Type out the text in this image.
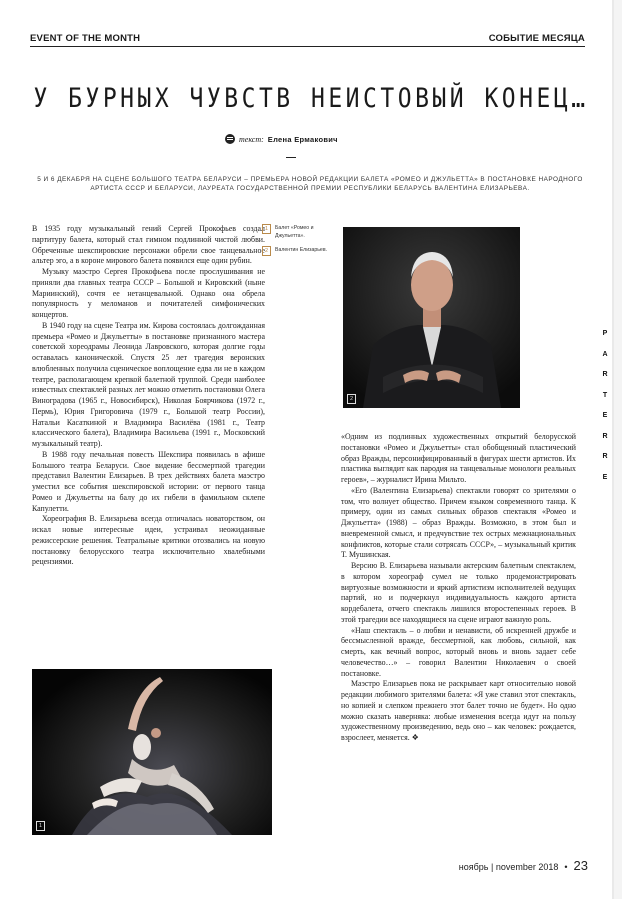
EVENT OF THE MONTH	СОБЫТИЕ МЕСЯЦА
У БУРНЫХ ЧУВСТВ НЕИСТОВЫЙ КОНЕЦ…
текст: Елена Ермакович
5 И 6 ДЕКАБРЯ НА СЦЕНЕ БОЛЬШОГО ТЕАТРА БЕЛАРУСИ – ПРЕМЬЕРА НОВОЙ РЕДАКЦИИ БАЛЕТА «РОМЕО И ДЖУЛЬЕТТА» В ПОСТАНОВКЕ НАРОДНОГО АРТИСТА СССР И БЕЛАРУСИ, ЛАУРЕАТА ГОСУДАРСТВЕННОЙ ПРЕМИИ РЕСПУБЛИКИ БЕЛАРУСЬ ВАЛЕНТИНА ЕЛИЗАРЬЕВА.

В 1935 году музыкальный гений Сергей Прокофьев создал партитуру балета, который стал гимном подлинной чистой любви. Обреченные шекспировские персонажи обрели свое танцевальное альтер эго, а в короне мирового балета появился еще один рубин.

Музыку маэстро Сергея Прокофьева после прослушивания не приняли два главных театра СССР – Большой и Кировский (ныне Мариинский), сочтя ее нетанцевальной. Однако она обрела популярность у меломанов и почитателей симфонических концертов.

В 1940 году на сцене Театра им. Кирова состоялась долгожданная премьера «Ромео и Джульетты» в постановке признанного мастера советской хореодрамы Леонида Лавровского, которая долгие годы оставалась канонической. Спустя 25 лет трагедия веронских влюбленных получила сценическое воплощение едва ли не в каждом театре, располагающем крепкой балетной труппой. Среди наиболее известных спектаклей разных лет можно отметить постановки Олега Виноградова (1965 г., Новосибирск), Николая Боярчикова (1972 г., Пермь), Юрия Григоровича (1979 г., Большой театр России), Натальи Касаткиной и Владимира Василёва (1981 г., Театр классического балета), Владимира Васильева (1991 г., Московский музыкальный театр).

В 1988 году печальная повесть Шекспира появилась в афише Большого театра Беларуси. Свое видение бессмертной трагедии представил Валентин Елизарьев. В трех действиях балета маэстро уместил все события шекспировской истории: от первого танца Ромео и Джульетты на балу до их гибели в фамильном склепе Капулетти.

Хореография В. Елизарьева всегда отличалась новаторством, он искал новые интересные идеи, устраивал неожиданные режиссерские решения. Театральные критики отозвались на новую постановку белорусского театра исключительно хвалебными рецензиями.

1	Балет «Ромео и Джульетта».
2	Валентин Елизарьев.
2

«Одним из подлинных художественных открытий белорусской постановки «Ромео и Джульетты» стал обобщенный пластический образ Вражды, персонифицированный в фигурах шести артистов. Их пластика выглядит как пародия на танцевальные монологи реальных героев», – журналист Ирина Мильто.

«Его (Валентина Елизарьева) спектакли говорят со зрителями о том, что волнует общество. Причем языком современного танца. К примеру, один из самых сильных образов спектакля «Ромео и Джульетта» (1988) – образ Вражды. Возможно, в этом был и вневременной смысл, и предчувствие тех острых межнациональных конфликтов, которые стали сотрясать СССР», – музыкальный критик Т. Мушинская.

Версию В. Елизарьева называли актерским балетным спектаклем, в котором хореограф сумел не только продемонстрировать виртуозные возможности и яркий артистизм исполнителей ведущих партий, но и подчеркнул индивидуальность каждого артиста кордебалета, отчего спектакль лишился второстепенных героев. В этой трагедии все находящиеся на сцене играют важную роль.

«Наш спектакль – о любви и ненависти, об искренней дружбе и бессмысленной вражде, бессмертной, как любовь, сильной, как смерть, как вечный вопрос, который вновь и вновь задает себе человечество…» – говорил Валентин Николаевич о своей постановке.

Маэстро Елизарьев пока не раскрывает карт относительно новой редакции любимого зрителями балета: «Я уже ставил этот спектакль, но копией и слепком прежнего этот балет точно не будет». Но одно можно сказать наверняка: любые изменения всегда идут на пользу художественному произведению, ведь оно – как человек: рождается, взрослеет, меняется. ❖

1
P
A
R
T
E
R
R
E
ноябрь | november 2018 • 23
